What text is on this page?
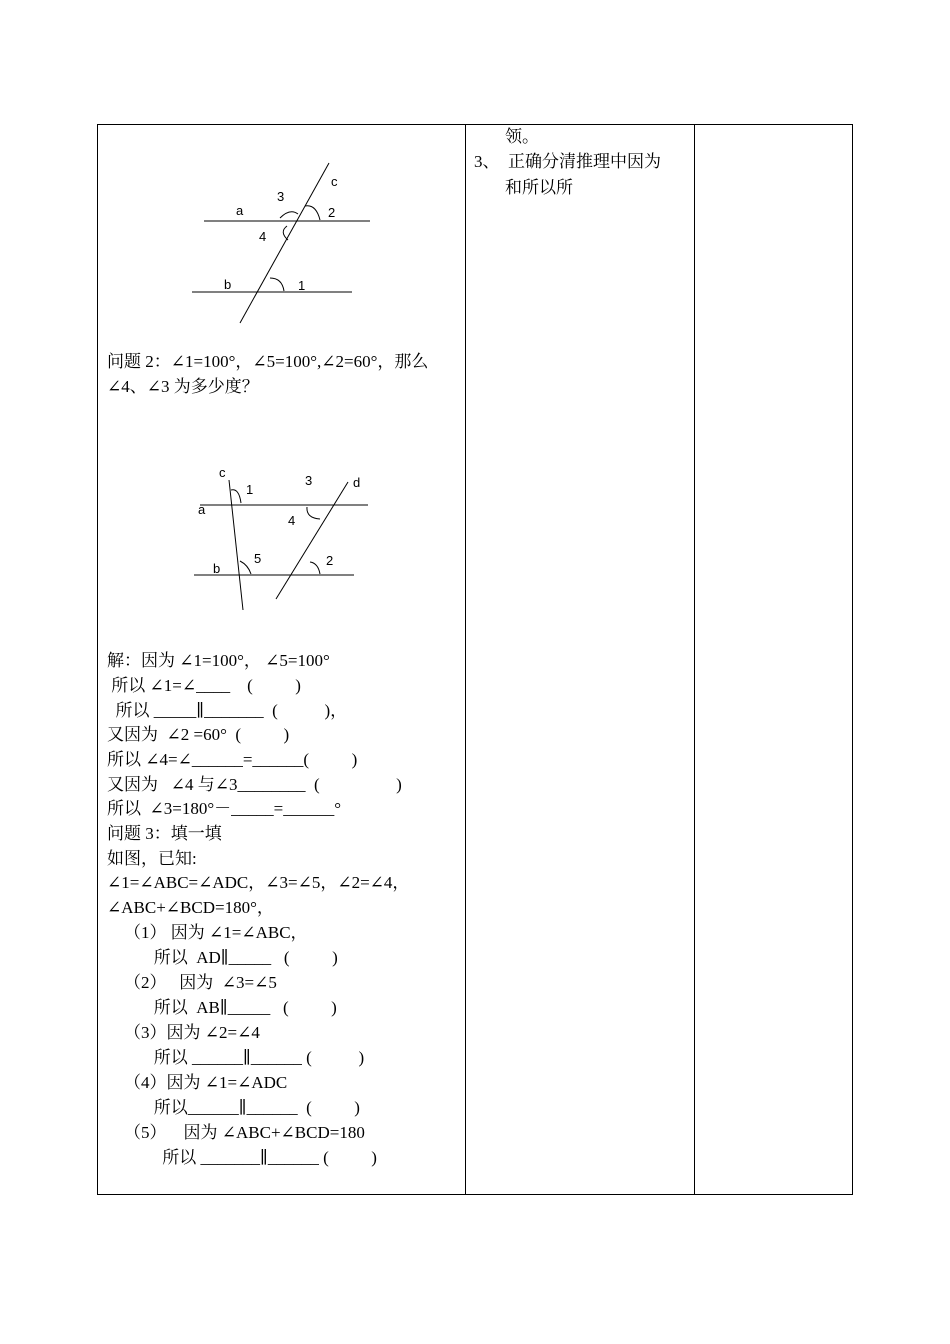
a
b
c
3
2
4
1
问题 2：∠1=100°，∠5=100°,∠2=60°，那么
∠4、∠3 为多少度？
c
1
3	d
a
4
5
b
2
解：因为 ∠1=100°， ∠5=100°
所以 ∠1=∠____    (          )
所以 _____∥_______  (           )，
又因为  ∠2 =60°  (          )
所以 ∠4=∠______=______(          )
又因为   ∠4 与∠3________  (                  )
所以  ∠3=180°－_____=______°
问题 3：填一填
如图，已知:
∠1=∠ABC=∠ADC，∠3=∠5，∠2=∠4，
∠ABC+∠BCD=180°，
（1） 因为 ∠1=∠ABC，
所以  AD∥_____   (          )
（2）   因为  ∠3=∠5
所以  AB∥_____   (          )
（3）因为 ∠2=∠4
所以 ______∥______ (           )
（4）因为 ∠1=∠ADC
所以______∥______  (          )
（5）    因为 ∠ABC+∠BCD=180
所以 _______∥______ (          )
领。
3、  正确分清推理中因为
和所以所
